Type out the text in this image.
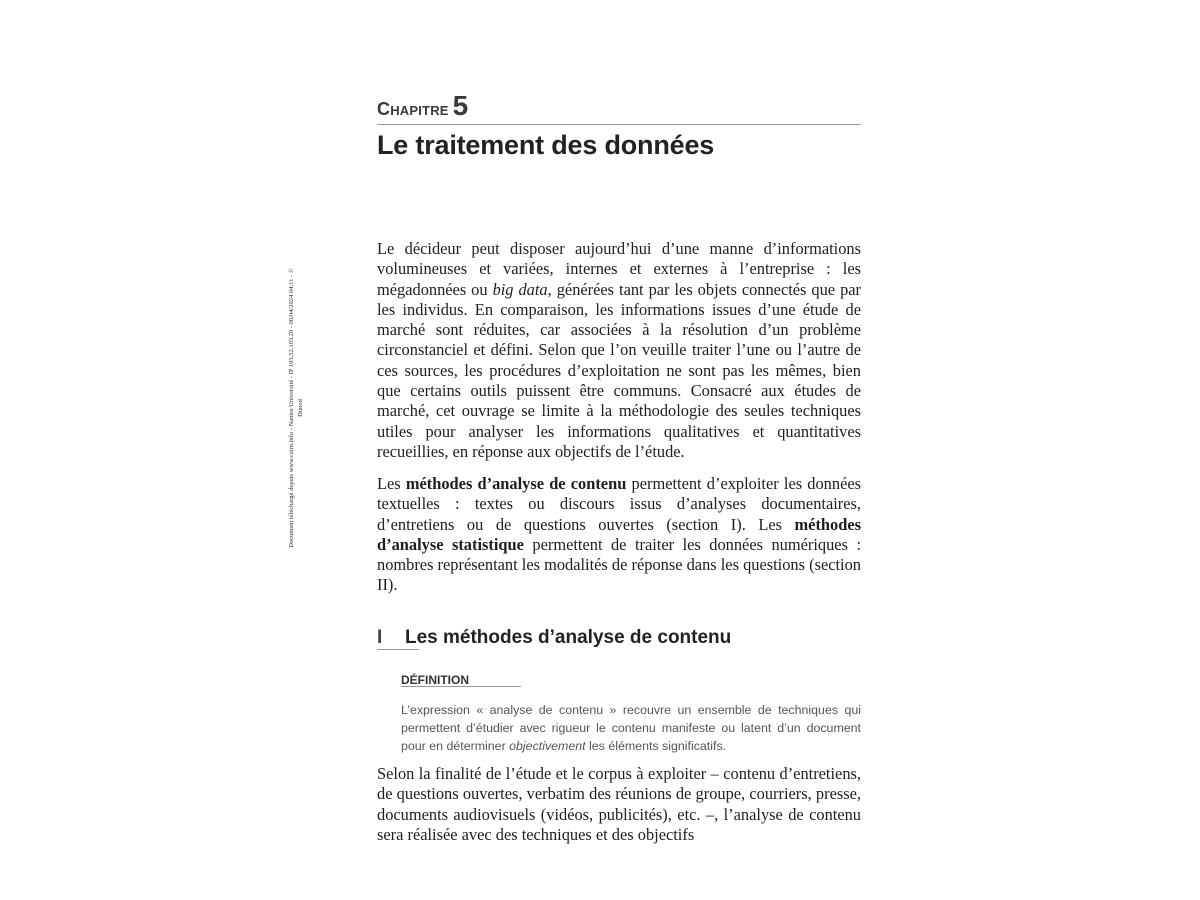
Document téléchargé depuis www.cairn.info - Nantes Université - IP 193.52.103.20 - 06/04/2024 04:11 - © Dunod
Chapitre 5
Le traitement des données

Le décideur peut disposer aujourd’hui d’une manne d’informations volumineuses et variées, internes et externes à l’entreprise : les mégadonnées ou big data, générées tant par les objets connectés que par les individus. En comparaison, les informations issues d’une étude de marché sont réduites, car associées à la résolution d’un problème circonstanciel et défini. Selon que l’on veuille traiter l’une ou l’autre de ces sources, les procédures d’exploitation ne sont pas les mêmes, bien que certains outils puissent être communs. Consacré aux études de marché, cet ouvrage se limite à la méthodologie des seules techniques utiles pour analyser les informations qualitatives et quantitatives recueillies, en réponse aux objectifs de l’étude.

Les méthodes d’analyse de contenu permettent d’exploiter les données textuelles : textes ou discours issus d’analyses documentaires, d’entretiens ou de questions ouvertes (section I). Les méthodes d’analyse statistique permettent de traiter les données numériques : nombres représentant les modalités de réponse dans les questions (section II).

I Les méthodes d’analyse de contenu
DÉFINITION

L’expression « analyse de contenu » recouvre un ensemble de techniques qui permettent d’étudier avec rigueur le contenu manifeste ou latent d’un document pour en déterminer objectivement les éléments significatifs.

Selon la finalité de l’étude et le corpus à exploiter – contenu d’entretiens, de questions ouvertes, verbatim des réunions de groupe, courriers, presse, documents audiovisuels (vidéos, publicités), etc. –, l’analyse de contenu sera réalisée avec des techniques et des objectifs
